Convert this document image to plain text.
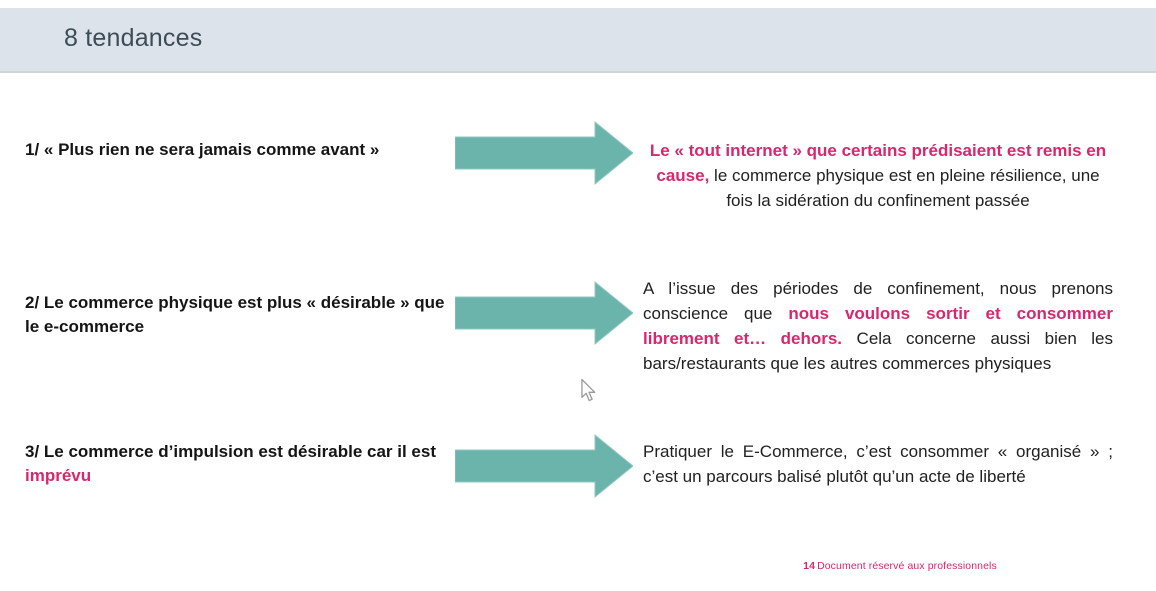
8 tendances
1/ « Plus rien ne sera jamais comme avant »	Le « tout internet » que certains prédisaient est remis en cause, le commerce physique est en pleine résilience, une fois la sidération du confinement passée
2/ Le commerce physique est plus « désirable » que le e-commerce
A l’issue des périodes de confinement, nous prenons conscience que nous voulons sortir et consommer librement et… dehors. Cela concerne aussi bien les bars/restaurants que les autres commerces physiques
3/ Le commerce d’impulsion est désirable car il est imprévu
Pratiquer le E-Commerce, c’est consommer « organisé » ; c’est un parcours balisé plutôt qu’un acte de liberté
14 Document réservé aux professionnels
